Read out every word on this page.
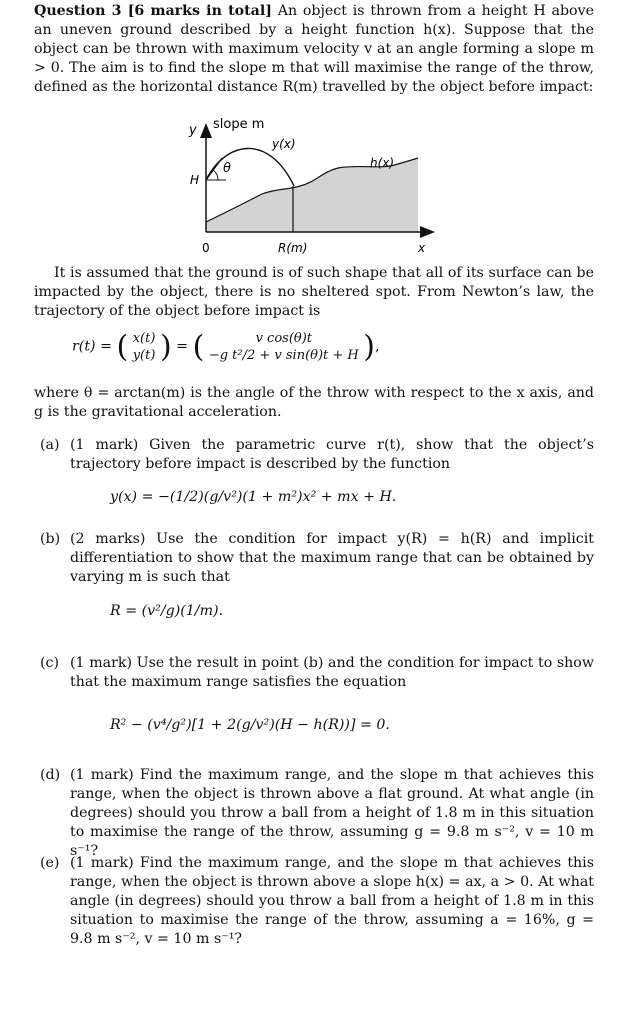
Question 3 [6 marks in total] An object is thrown from a height H above an uneven ground described by a height function h(x). Suppose that the object can be thrown with maximum velocity v at an angle forming a slope m > 0. The aim is to find the slope m that will maximise the range of the throw, defined as the horizontal distance R(m) travelled by the object before impact:
y slope m
y(x)
θ	h(x)
H
0	R(m)	x
It is assumed that the ground is of such shape that all of its surface can be impacted by the object, there is no sheltered spot. From Newton’s law, the trajectory of the object before impact is
r(t) = ( x(t)
y(t) ) = (	v cos(θ)t
−g t²/2 + v sin(θ)t + H ),
where θ = arctan(m) is the angle of the throw with respect to the x axis, and g is the gravitational acceleration.
(a) (1 mark) Given the parametric curve r(t), show that the object’s trajectory before impact is described by the function
y(x) = −(1/2)(g/v²)(1 + m²)x² + mx + H.
(b) (2 marks) Use the condition for impact y(R) = h(R) and implicit differentiation to show that the maximum range that can be obtained by varying m is such that
R = (v²/g)(1/m).
(c) (1 mark) Use the result in point (b) and the condition for impact to show that the maximum range satisfies the equation
R² − (v⁴/g²)[1 + 2(g/v²)(H − h(R))] = 0.
(d) (1 mark) Find the maximum range, and the slope m that achieves this range, when the object is thrown above a flat ground. At what angle (in degrees) should you throw a ball from a height of 1.8 m in this situation to maximise the range of the throw, assuming g = 9.8 m s⁻², v = 10 m s⁻¹?
(e) (1 mark) Find the maximum range, and the slope m that achieves this range, when the object is thrown above a slope h(x) = ax, a > 0. At what angle (in degrees) should you throw a ball from a height of 1.8 m in this situation to maximise the range of the throw, assuming a = 16%, g = 9.8 m s⁻², v = 10 m s⁻¹?
